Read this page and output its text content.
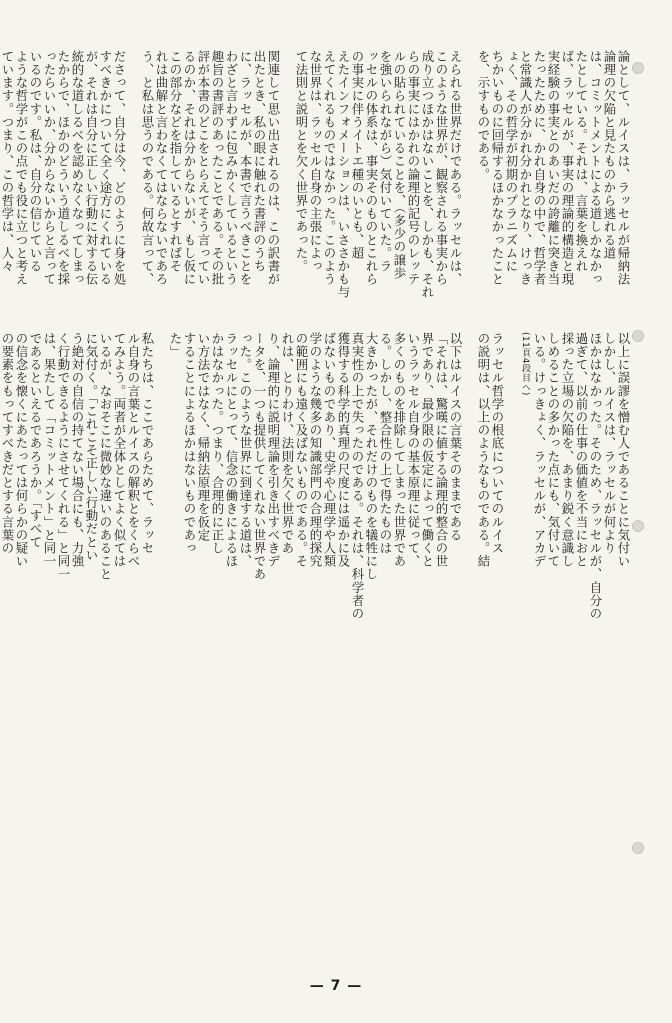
論として、ルイスは、ラッセルが帰納法
論理の欠陥と見たものから逃れる道
は、コミットメントによる道しかなかっ
たとしている。それは、言葉を換えれ
ば、ラッセルが、事実の理論的構造と現
実経験の事実とのあいだの誇離に突き当
たったために、かれ自身の中で、哲学者
と常識人が分かれ分かれとなり、けっき
ょく、その哲学が初期のプラニズムに
ちかいものに回帰するほかなかったこと
を、示すものである。
えられる世界だけである。ラッセルは、
このような世界が、観察される事実から
成り立つほかはないことを、しかも、それ
らの事実にはかれの論理的記号のレッテ
ルの貼られていることを、（多少の譲歩
を強いられながら）気付いていた。ラ
ッセルの体系は、事実そのものとこれら
の事実に伴うイトエ種のいとも、超
えたインフォメーションは、いささかも与
えてくれるものではなかった。このよう
な世界は、ラッセル自身の主張によっ
て法則と説明とを欠く世界であった。
関連して思い出されるのは、この訳書が
出たとき、私の眼に触れた書評のうち
に、ラッセルが、本書で言うべきことを
わざと言わずに包みかくしているという
趣旨の書評のあったことである。その批
評が本書のどこをとらえてそう言ってい
るのか、それは分からないが、もし仮に
この部分などを指しているとすればそ
れは曲解と言わなくてはならないであろ
う、と私は思うのである。何故言って、
ださって、自分は今、どのように身を処
すべきかについて全く途方にくれている
が、それは自分に正しい行動に対する伝
統的な道しるべを認めなくなってしまっ
たからで、ほかのどういう道しるべを採
ったらいいか、分からないからと言って
いるのです。私は、自分の信じている
ような哲学がこの点でも役に立つと考え
ています。つまり、この哲学は、人々
以上に誤謬を憎む人であることに気付い
しかし、ルイスは、ラッセルが何より
ほかはなかった。そのため、ラッセルが、自分の
過ぎて、以前の仕事の価値を不当におと
採った立場の欠陥を、あまり鋭く意識し
しめることの多かった点にも、気付いて
いる。けっきょく、ラッセルが、アカデ
(11頁4段目へ)
ラッセル哲学の根底についてのルイス
の説明は、以上のようなものである。結
以下はルイスの言葉そのままである
「それは、驚嘆に値する論理的整合の世
界であり、最少限の仮定によって働くと
いうラッセル自身の基本原理に従って、
多くのものを排除してしまった世界であ
る。しかし、整合性の上で得たものは
大きかったが、それだけのものを犠牲にし
真実性の上で失ったのである。それは、科学者の
獲得する科学的真理の尺度には遥かに及
ばないものであり、史学や心理学や人類
学のような幾多の知識部門の合理的探究
の範囲にも遠く及ばないものである。そ
れは、とりわけ、法則を欠く世界であ
り、論理的に説明理論を引き出すべきデ
ータを、一つも提供してくれない世界であ
った。このような世界に到達する道は、
ラッセルにとって、信念の働きによるほ
かはなかった。つまり、合理的に正し
い方法ではなく、帰納法原理を仮定
することによるほかはないものであっ
た」
私たちは、ここであらためて、ラッセ
ル自身の言葉とルイスの解釈とをくらべ
てみよう。両者が全体としてよく似ては
いるが、なおそこに微妙な違いのあること
に気付く。「これこそ正しい行動だとい
う絶対の自信の持てない場合にも、力強
く行動できるようにさせてくれる」と同一
は、果たして「コミットメント」と同一
であるといえるであろうか。「すべて
の信念を懐くにあたっては何らかの疑い
の要素をもってすべきだとする言葉の
— 7 —
